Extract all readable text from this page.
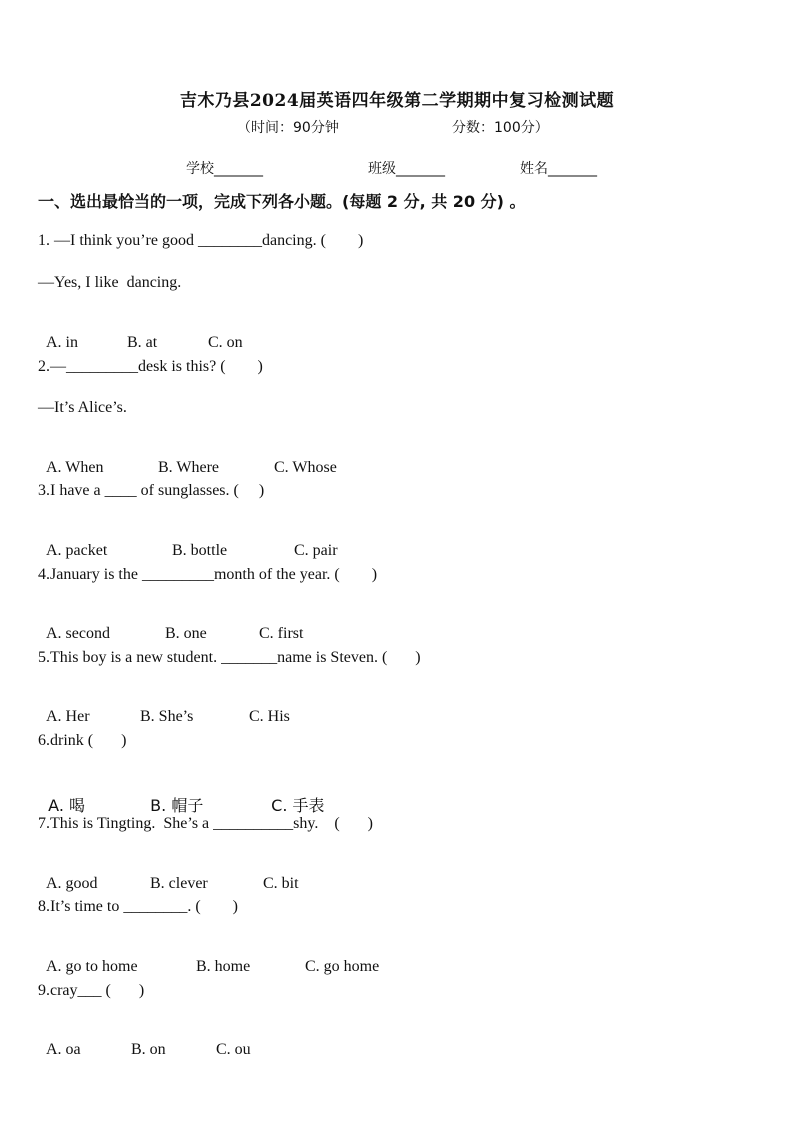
吉木乃县2024届英语四年级第二学期期中复习检测试题
（时间：90分钟	分数：100分）
学校_______	班级_______	姓名_______
一、选出最恰当的一项，完成下列各小题。(每题 2 分, 共 20 分) 。
1. —I think you’re good ________dancing. (        )
—Yes, I like  dancing.

A. in	B. at	C. on

2.—_________desk is this? (        )
—It’s Alice’s.

A. When	B. Where	C. Whose

3.I have a ____ of sunglasses. (     )

A. packet	B. bottle	C. pair

4.January is the _________month of the year. (        )

A. second	B. one	C. first

5.This boy is a new student. _______name is Steven. (       )

A. Her	B. She’s	C. His

6.drink (       )

A. 喝	B. 帽子	C. 手表

7.This is Tingting.  She’s a __________shy.    (       )

A. good	B. clever	C. bit

8.It’s time to ________. (        )

A. go to home	B. home	C. go home

9.cray___ (       )

A. oa	B. on	C. ou
